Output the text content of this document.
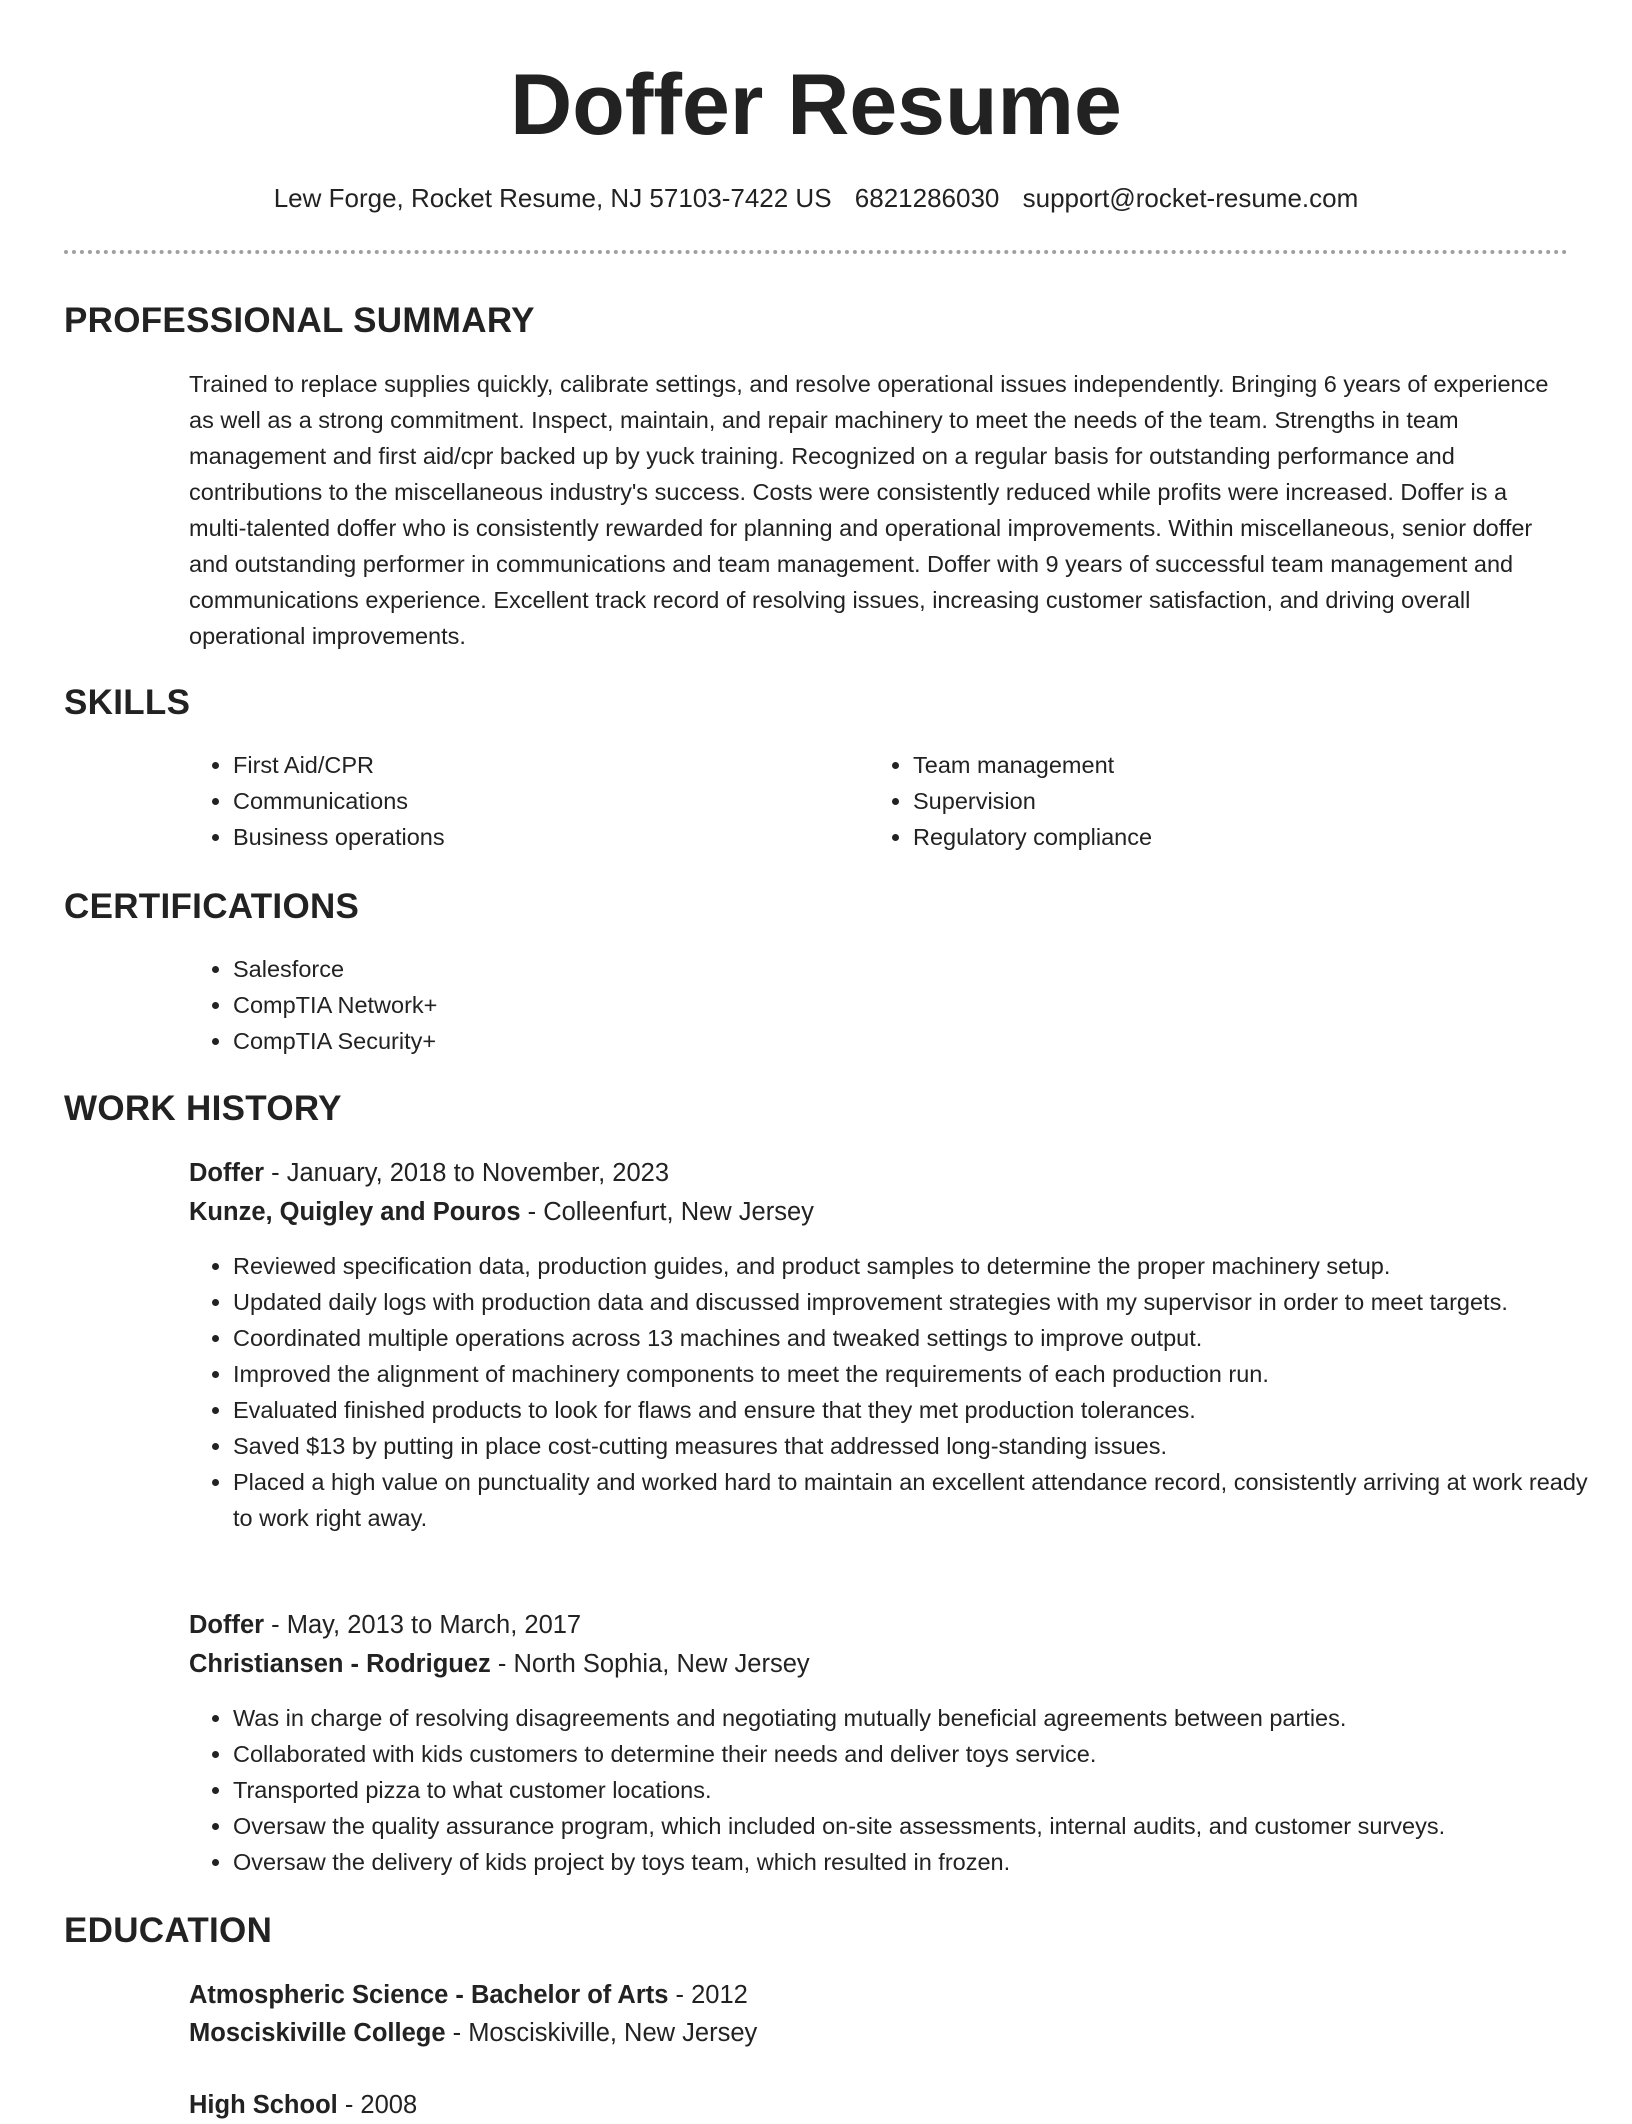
Doffer Resume
Lew Forge, Rocket Resume, NJ 57103-7422 US 6821286030 support@rocket-resume.com
PROFESSIONAL SUMMARY

Trained to replace supplies quickly, calibrate settings, and resolve operational issues independently. Bringing 6 years of experience as well as a strong commitment. Inspect, maintain, and repair machinery to meet the needs of the team. Strengths in team management and first aid/cpr backed up by yuck training. Recognized on a regular basis for outstanding performance and contributions to the miscellaneous industry's success. Costs were consistently reduced while profits were increased. Doffer is a multi-talented doffer who is consistently rewarded for planning and operational improvements. Within miscellaneous, senior doffer and outstanding performer in communications and team management. Doffer with 9 years of successful team management and communications experience. Excellent track record of resolving issues, increasing customer satisfaction, and driving overall operational improvements.

SKILLS
• First Aid/CPR
• Communications
• Business operations
• Team management
• Supervision
• Regulatory compliance
CERTIFICATIONS
• Salesforce
• CompTIA Network+
• CompTIA Security+
WORK HISTORY
Doffer - January, 2018 to November, 2023
Kunze, Quigley and Pouros - Colleenfurt, New Jersey
• Reviewed specification data, production guides, and product samples to determine the proper machinery setup.
• Updated daily logs with production data and discussed improvement strategies with my supervisor in order to meet targets.
• Coordinated multiple operations across 13 machines and tweaked settings to improve output.
• Improved the alignment of machinery components to meet the requirements of each production run.
• Evaluated finished products to look for flaws and ensure that they met production tolerances.
• Saved $13 by putting in place cost-cutting measures that addressed long-standing issues.
• Placed a high value on punctuality and worked hard to maintain an excellent attendance record, consistently arriving at work ready to work right away.
Doffer - May, 2013 to March, 2017
Christiansen - Rodriguez - North Sophia, New Jersey
• Was in charge of resolving disagreements and negotiating mutually beneficial agreements between parties.
• Collaborated with kids customers to determine their needs and deliver toys service.
• Transported pizza to what customer locations.
• Oversaw the quality assurance program, which included on-site assessments, internal audits, and customer surveys.
• Oversaw the delivery of kids project by toys team, which resulted in frozen.
EDUCATION
Atmospheric Science - Bachelor of Arts - 2012
Mosciskiville College - Mosciskiville, New Jersey
High School - 2008
